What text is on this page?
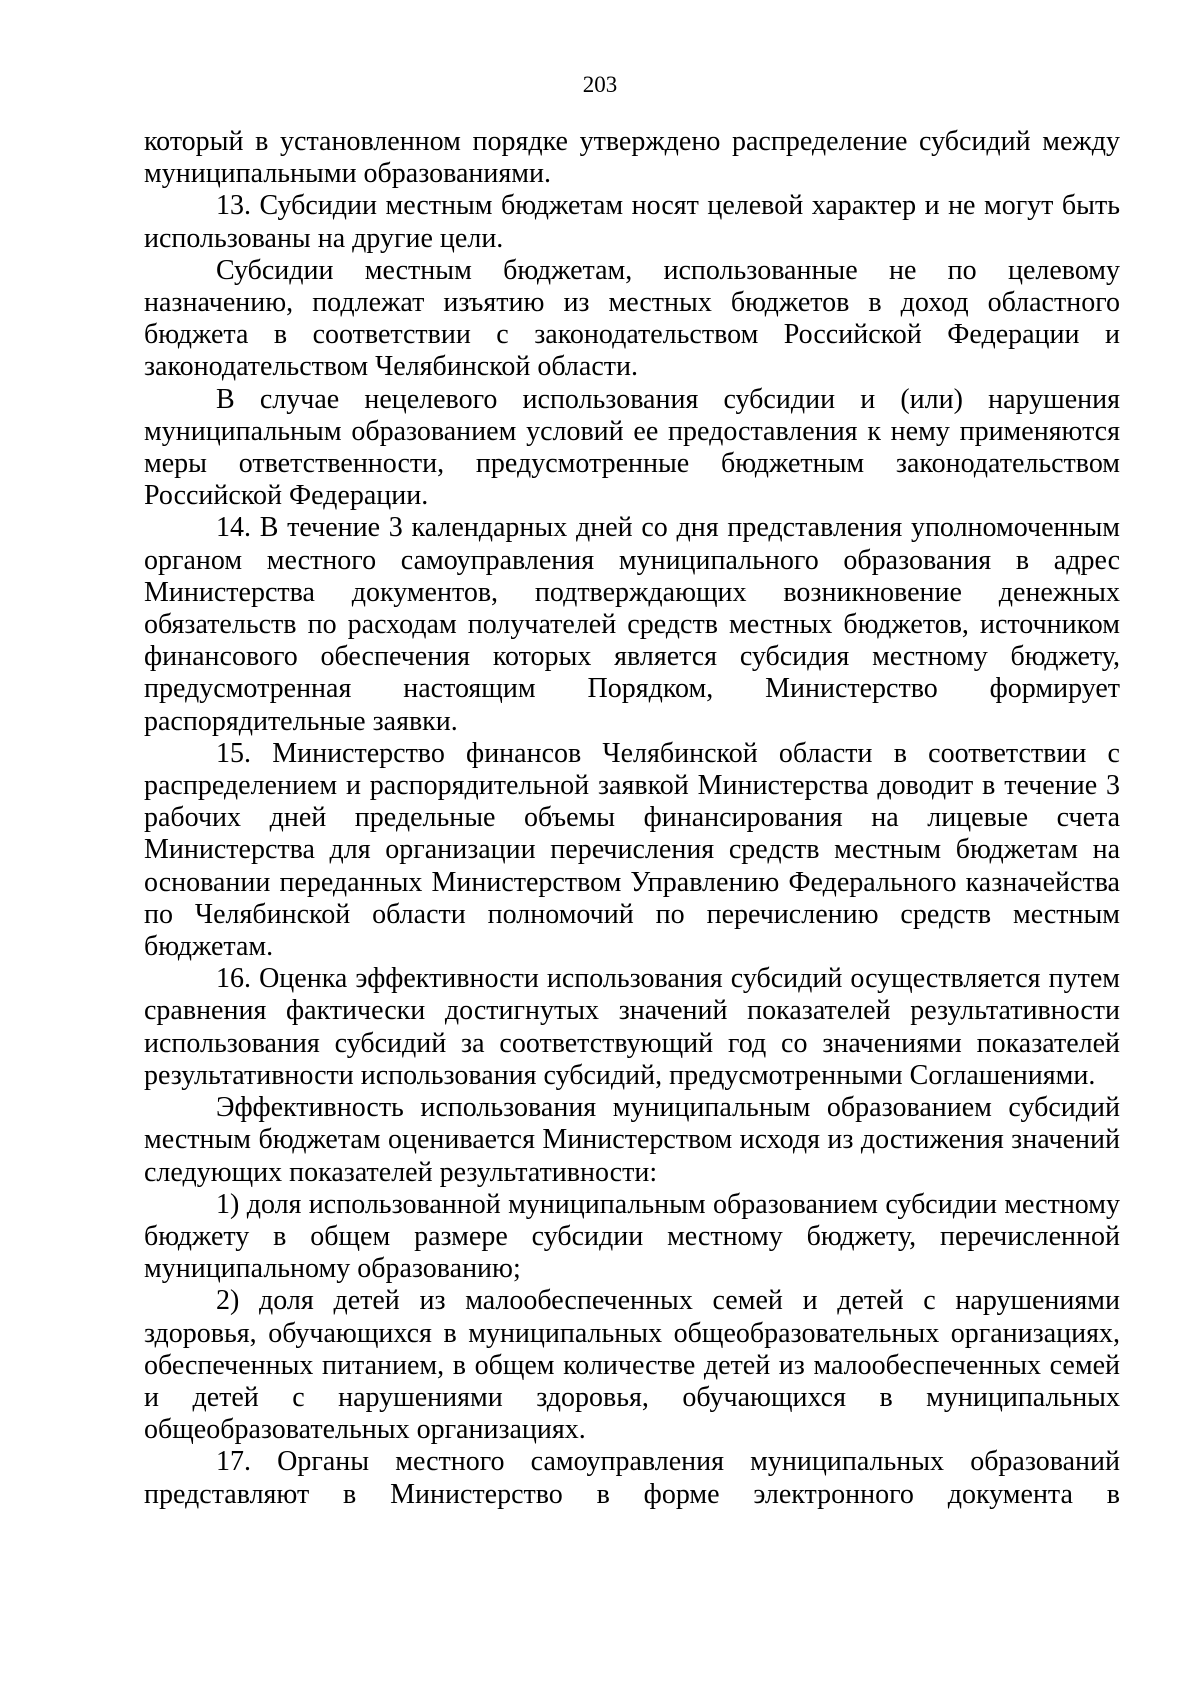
203

который в установленном порядке утверждено распределение субсидий между муниципальными образованиями.

13. Субсидии местным бюджетам носят целевой характер и не могут быть использованы на другие цели.

Субсидии местным бюджетам, использованные не по целевому назначению, подлежат изъятию из местных бюджетов в доход областного бюджета в соответствии с законодательством Российской Федерации и законодательством Челябинской области.

В случае нецелевого использования субсидии и (или) нарушения муниципальным образованием условий ее предоставления к нему применяются меры ответственности, предусмотренные бюджетным законодательством Российской Федерации.

14. В течение 3 календарных дней со дня представления уполномоченным органом местного самоуправления муниципального образования в адрес Министерства документов, подтверждающих возникновение денежных обязательств по расходам получателей средств местных бюджетов, источником финансового обеспечения которых является субсидия местному бюджету, предусмотренная настоящим Порядком, Министерство формирует распорядительные заявки.

15. Министерство финансов Челябинской области в соответствии с распределением и распорядительной заявкой Министерства доводит в течение 3 рабочих дней предельные объемы финансирования на лицевые счета Министерства для организации перечисления средств местным бюджетам на основании переданных Министерством Управлению Федерального казначейства по Челябинской области полномочий по перечислению средств местным бюджетам.

16. Оценка эффективности использования субсидий осуществляется путем сравнения фактически достигнутых значений показателей результативности использования субсидий за соответствующий год со значениями показателей результативности использования субсидий, предусмотренными Соглашениями.

Эффективность использования муниципальным образованием субсидий местным бюджетам оценивается Министерством исходя из достижения значений следующих показателей результативности:

1) доля использованной муниципальным образованием субсидии местному бюджету в общем размере субсидии местному бюджету, перечисленной муниципальному образованию;

2) доля детей из малообеспеченных семей и детей с нарушениями здоровья, обучающихся в муниципальных общеобразовательных организациях, обеспеченных питанием, в общем количестве детей из малообеспеченных семей и детей с нарушениями здоровья, обучающихся в муниципальных общеобразовательных организациях.

17. Органы местного самоуправления муниципальных образований представляют в Министерство в форме электронного документа в
